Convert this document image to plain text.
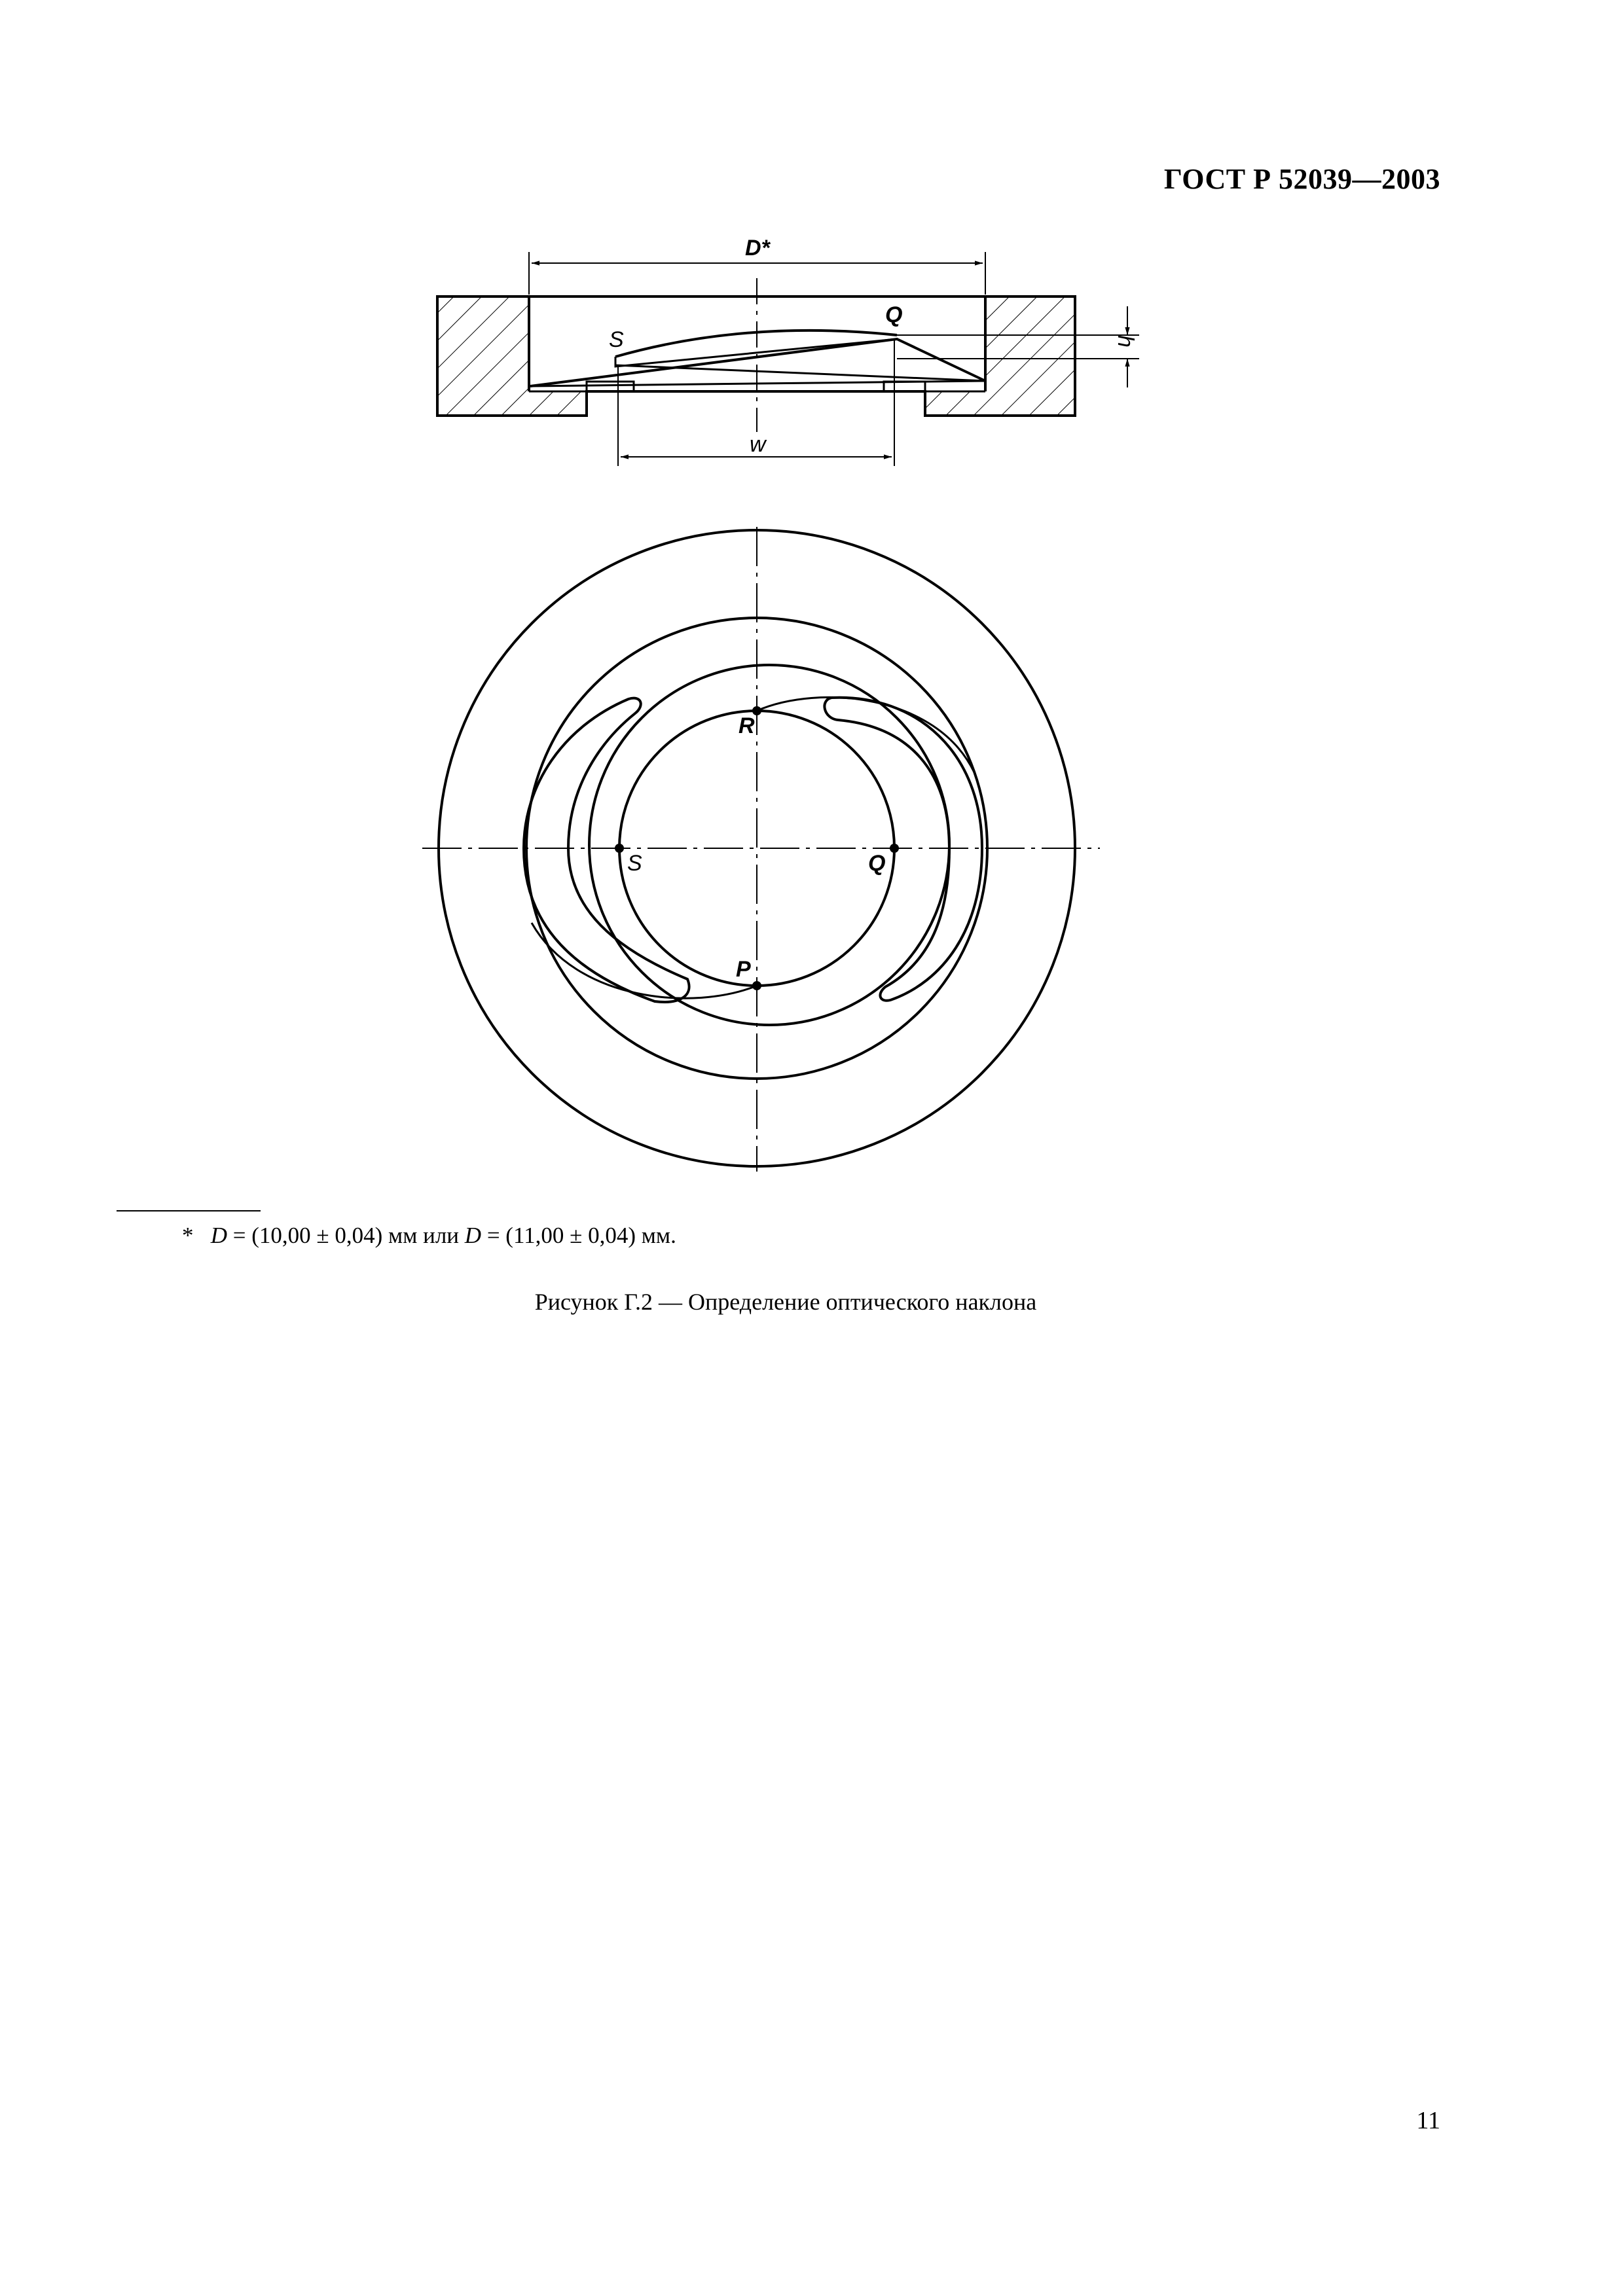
ГОСТ Р 52039—2003
D*
S
Q
h
w
R
S	Q
P
* D = (10,00 ± 0,04) мм или D = (11,00 ± 0,04) мм.
Рисунок Г.2 — Определение оптического наклона
11
